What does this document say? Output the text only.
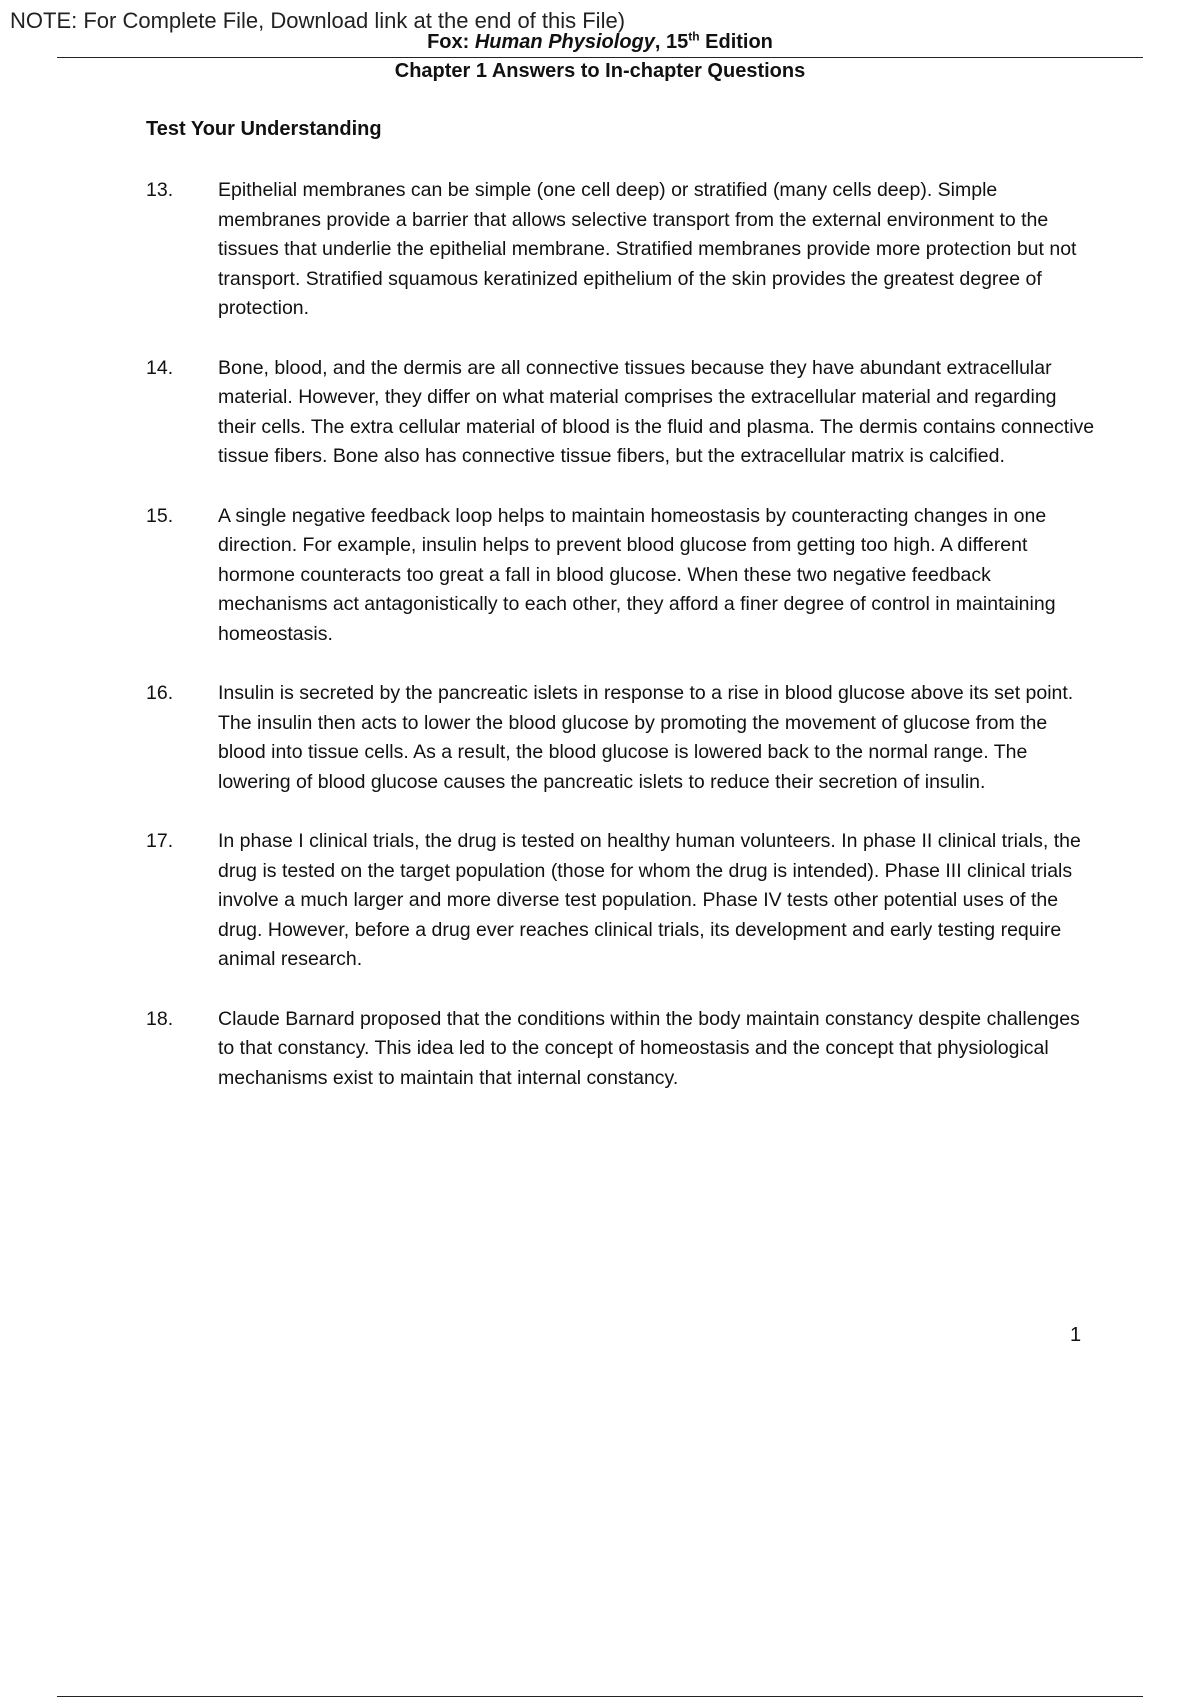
NOTE: For Complete File, Download link at the end of this File)
Fox: Human Physiology, 15th Edition
Chapter 1 Answers to In-chapter Questions
Test Your Understanding
13.	Epithelial membranes can be simple (one cell deep) or stratified (many cells deep). Simple membranes provide a barrier that allows selective transport from the external environment to the tissues that underlie the epithelial membrane. Stratified membranes provide more protection but not transport. Stratified squamous keratinized epithelium of the skin provides the greatest degree of protection.
14.	Bone, blood, and the dermis are all connective tissues because they have abundant extracellular material. However, they differ on what material comprises the extracellular material and regarding their cells. The extra cellular material of blood is the fluid and plasma. The dermis contains connective tissue fibers. Bone also has connective tissue fibers, but the extracellular matrix is calcified.
15.	A single negative feedback loop helps to maintain homeostasis by counteracting changes in one direction. For example, insulin helps to prevent blood glucose from getting too high. A different hormone counteracts too great a fall in blood glucose. When these two negative feedback mechanisms act antagonistically to each other, they afford a finer degree of control in maintaining homeostasis.
16.	Insulin is secreted by the pancreatic islets in response to a rise in blood glucose above its set point. The insulin then acts to lower the blood glucose by promoting the movement of glucose from the blood into tissue cells. As a result, the blood glucose is lowered back to the normal range. The lowering of blood glucose causes the pancreatic islets to reduce their secretion of insulin.
17.	In phase I clinical trials, the drug is tested on healthy human volunteers. In phase II clinical trials, the drug is tested on the target population (those for whom the drug is intended). Phase III clinical trials involve a much larger and more diverse test population. Phase IV tests other potential uses of the drug. However, before a drug ever reaches clinical trials, its development and early testing require animal research.
18.	Claude Barnard proposed that the conditions within the body maintain constancy despite challenges to that constancy. This idea led to the concept of homeostasis and the concept that physiological mechanisms exist to maintain that internal constancy.
1
